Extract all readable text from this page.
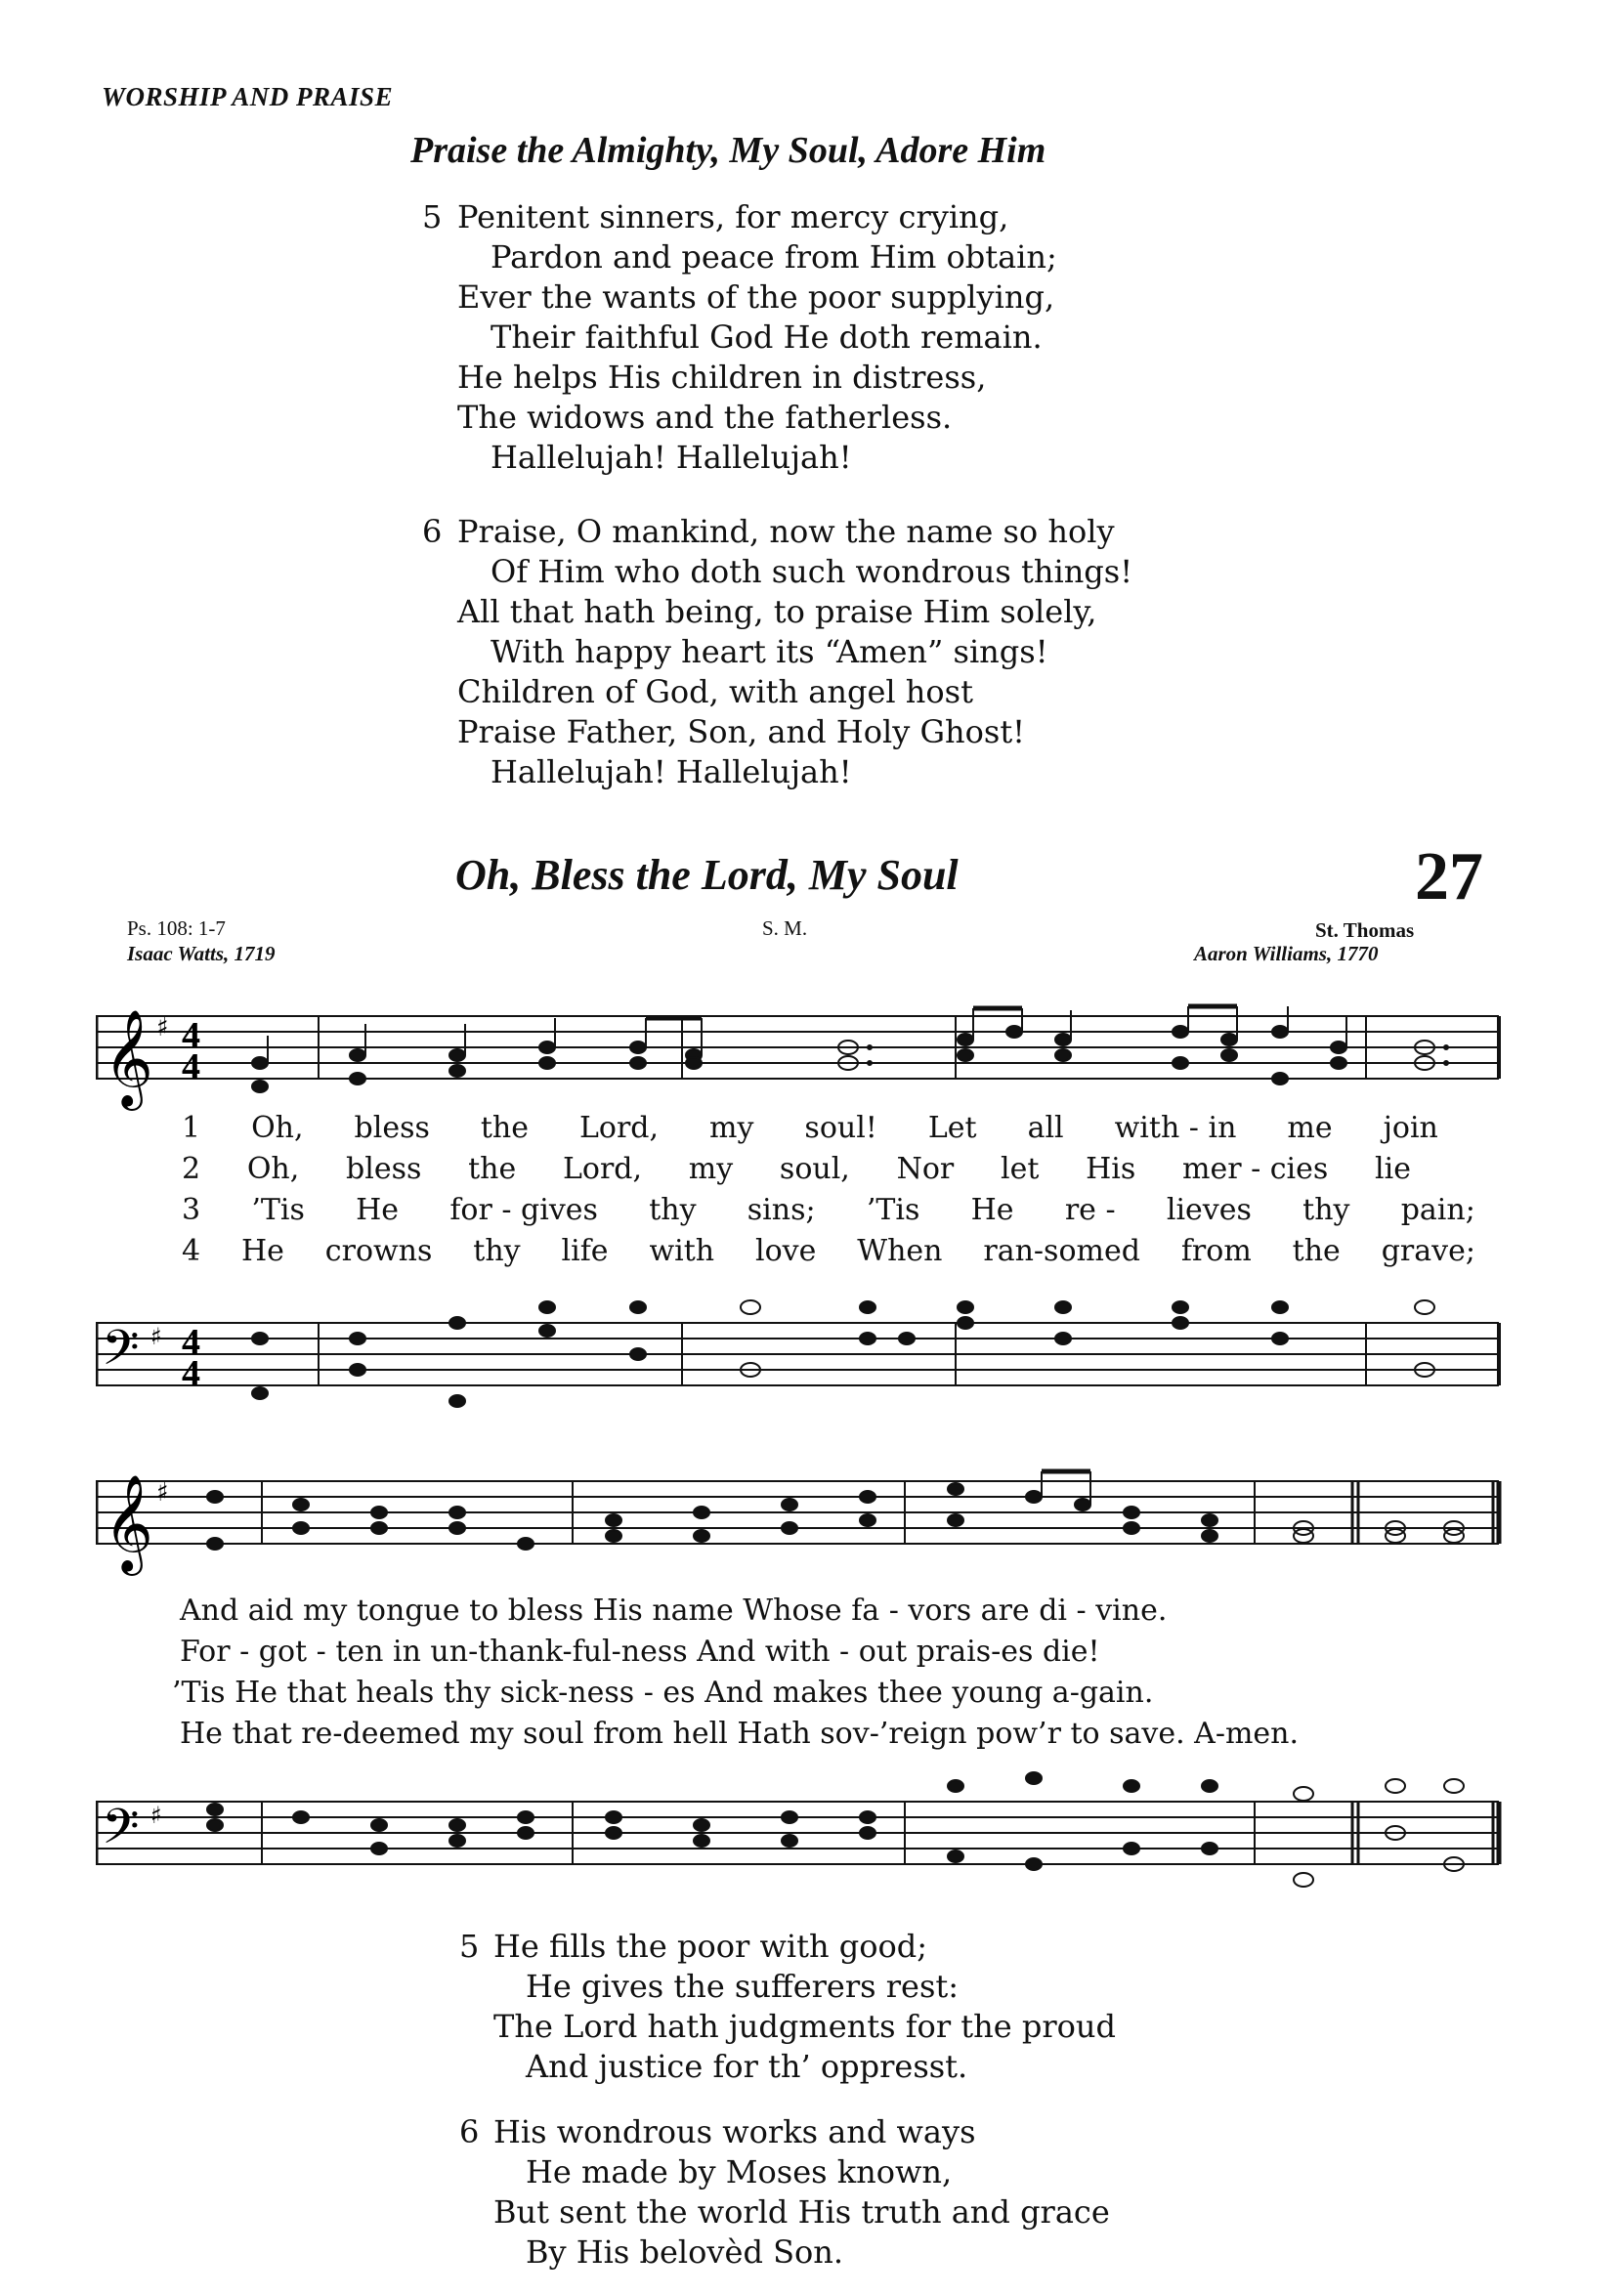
WORSHIP AND PRAISE
Praise the Almighty, My Soul, Adore Him
5 Penitent sinners, for mercy crying,
Pardon and peace from Him obtain;
Ever the wants of the poor supplying,
Their faithful God He doth remain.
He helps His children in distress,
The widows and the fatherless.
Hallelujah! Hallelujah!
6 Praise, O mankind, now the name so holy
Of Him who doth such wondrous things!
All that hath being, to praise Him solely,
With happy heart its “Amen” sings!
Children of God, with angel host
Praise Father, Son, and Holy Ghost!
Hallelujah! Hallelujah!
Oh, Bless the Lord, My Soul	27
Ps. 108: 1-7
Isaac Watts, 1719
S. M.	St. Thomas
Aaron Williams, 1770
𝄞 ♯ 4
4
1 Oh, bless the Lord, my soul! Let all with - in me join
2 Oh, bless the Lord, my soul, Nor let His mer - cies lie
3 ’Tis He for - gives thy sins; ’Tis He re - lieves thy pain;
4 He crowns thy life with love When ran-somed from the grave;
𝄢 ♯ 4
4
𝄞 ♯
And aid my tongue to bless His name Whose fa - vors are di - vine.
For - got - ten in un-thank-ful-ness And with - out prais-es die!
’Tis He that heals thy sick-ness - es And makes thee young a-gain.
He that re-deemed my soul from hell Hath sov-’reign pow’r to save. A-men.
𝄢 ♯
5 He fills the poor with good;
He gives the sufferers rest:
The Lord hath judgments for the proud
And justice for th’ oppresst.
6 His wondrous works and ways
He made by Moses known,
But sent the world His truth and grace
By His belovèd Son.
